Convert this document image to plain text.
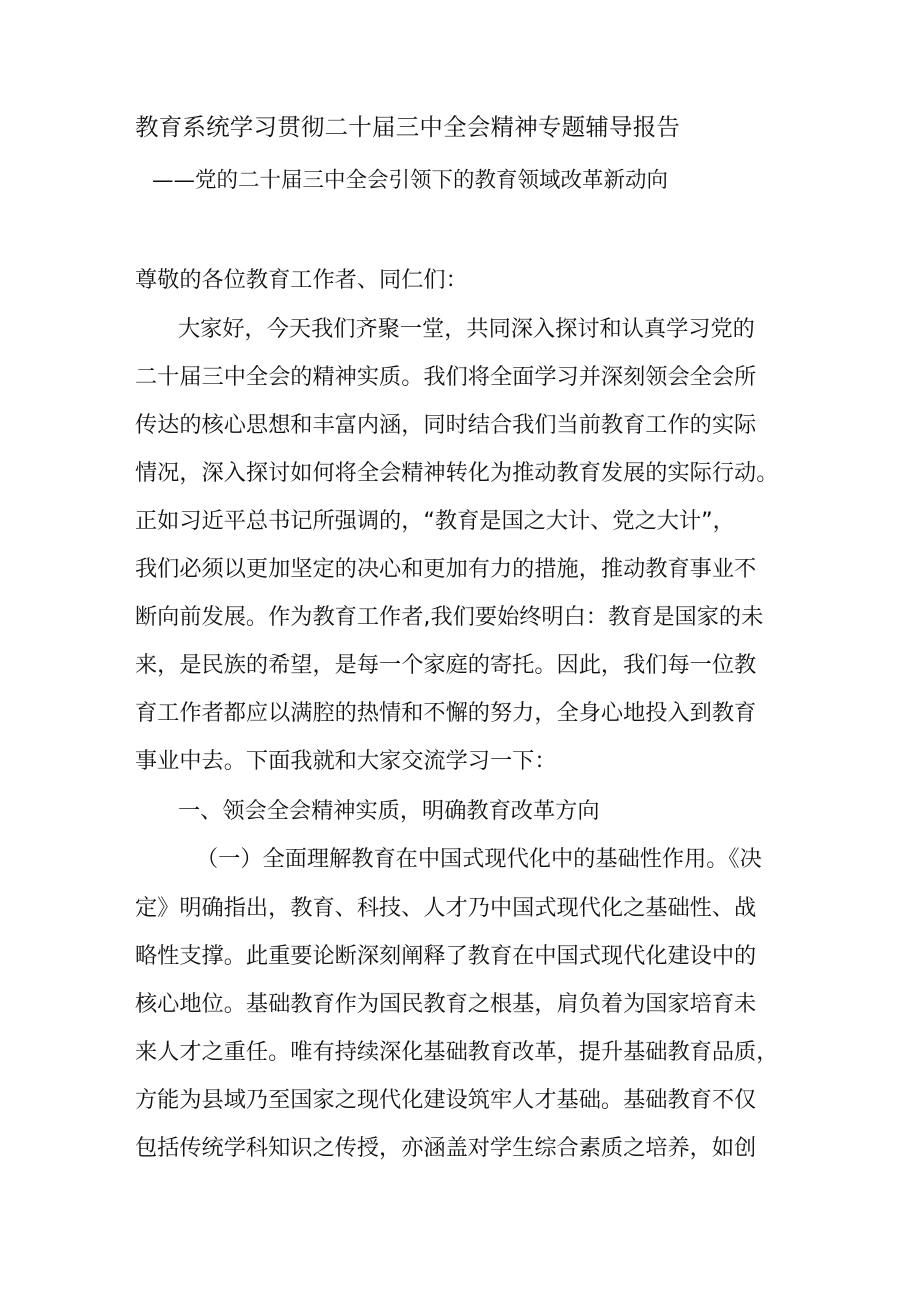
教育系统学习贯彻二十届三中全会精神专题辅导报告

——党的二十届三中全会引领下的教育领域改革新动向

尊敬的各位教育工作者、同仁们：

大家好，今天我们齐聚一堂，共同深入探讨和认真学习党的

二十届三中全会的精神实质。我们将全面学习并深刻领会全会所

传达的核心思想和丰富内涵，同时结合我们当前教育工作的实际

情况，深入探讨如何将全会精神转化为推动教育发展的实际行动。

正如习近平总书记所强调的，“教育是国之大计、党之大计”，

我们必须以更加坚定的决心和更加有力的措施，推动教育事业不

断向前发展。作为教育工作者,我们要始终明白：教育是国家的未

来，是民族的希望，是每一个家庭的寄托。因此，我们每一位教

育工作者都应以满腔的热情和不懈的努力，全身心地投入到教育

事业中去。下面我就和大家交流学习一下：

一、领会全会精神实质，明确教育改革方向

（一）全面理解教育在中国式现代化中的基础性作用。《决

定》明确指出，教育、科技、人才乃中国式现代化之基础性、战

略性支撑。此重要论断深刻阐释了教育在中国式现代化建设中的

核心地位。基础教育作为国民教育之根基，肩负着为国家培育未

来人才之重任。唯有持续深化基础教育改革，提升基础教育品质，

方能为县域乃至国家之现代化建设筑牢人才基础。基础教育不仅

包括传统学科知识之传授，亦涵盖对学生综合素质之培养，如创
